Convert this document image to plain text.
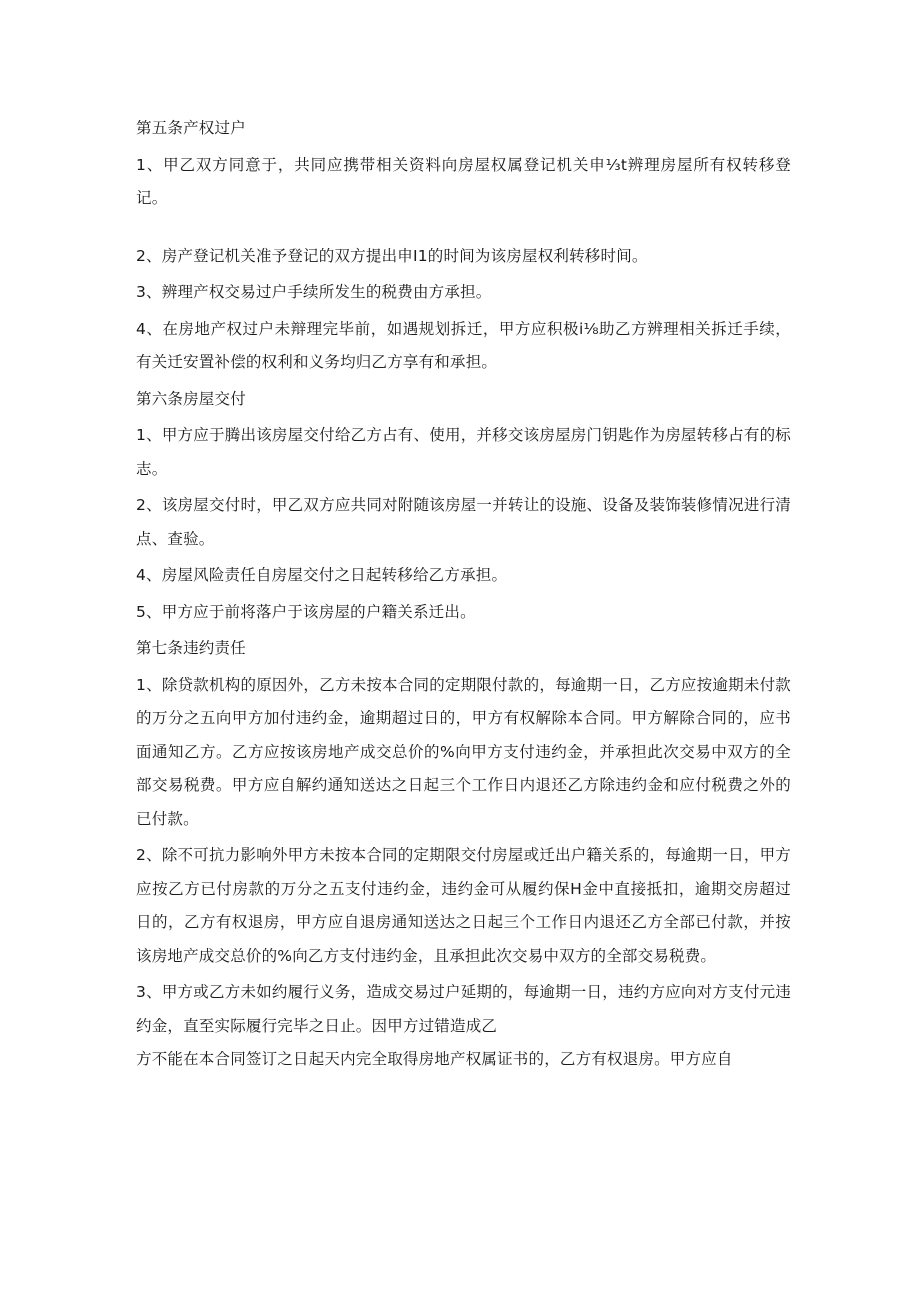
第五条产权过户
1、甲乙双方同意于，共同应携带相关资料向房屋权属登记机关申⅓t辨理房屋所有权转移登记。
2、房产登记机关准予登记的双方提出申I1的时间为该房屋权利转移时间。
3、辨理产权交易过户手续所发生的税费由方承担。
4、在房地产权过户未辩理完毕前，如遇规划拆迁，甲方应积极i⅛助乙方辨理相关拆迁手续，有关迁安置补偿的权利和义务均归乙方享有和承担。
第六条房屋交付
1、甲方应于腾出该房屋交付给乙方占有、使用，并移交该房屋房门钥匙作为房屋转移占有的标志。
2、该房屋交付时，甲乙双方应共同对附随该房屋一并转让的设施、设备及装饰装修情况进行清点、查验。
4、房屋风险责任自房屋交付之日起转移给乙方承担。
5、甲方应于前将落户于该房屋的户籍关系迁出。
第七条违约责任
1、除贷款机构的原因外，乙方未按本合同的定期限付款的，每逾期一日，乙方应按逾期未付款的万分之五向甲方加付违约金，逾期超过日的，甲方有权解除本合同。甲方解除合同的，应书面通知乙方。乙方应按该房地产成交总价的%向甲方支付违约金，并承担此次交易中双方的全部交易税费。甲方应自解约通知送达之日起三个工作日内退还乙方除违约金和应付税费之外的已付款。
2、除不可抗力影响外甲方未按本合同的定期限交付房屋或迁出户籍关系的，每逾期一日，甲方应按乙方已付房款的万分之五支付违约金，违约金可从履约保H金中直接抵扣，逾期交房超过日的，乙方有权退房，甲方应自退房通知送达之日起三个工作日内退还乙方全部已付款，并按该房地产成交总价的%向乙方支付违约金，且承担此次交易中双方的全部交易税费。
3、甲方或乙方未如约履行义务，造成交易过户延期的，每逾期一日，违约方应向对方支付元违约金，直至实际履行完毕之日止。因甲方过错造成乙
方不能在本合同签订之日起天内完全取得房地产权属证书的，乙方有权退房。甲方应自
